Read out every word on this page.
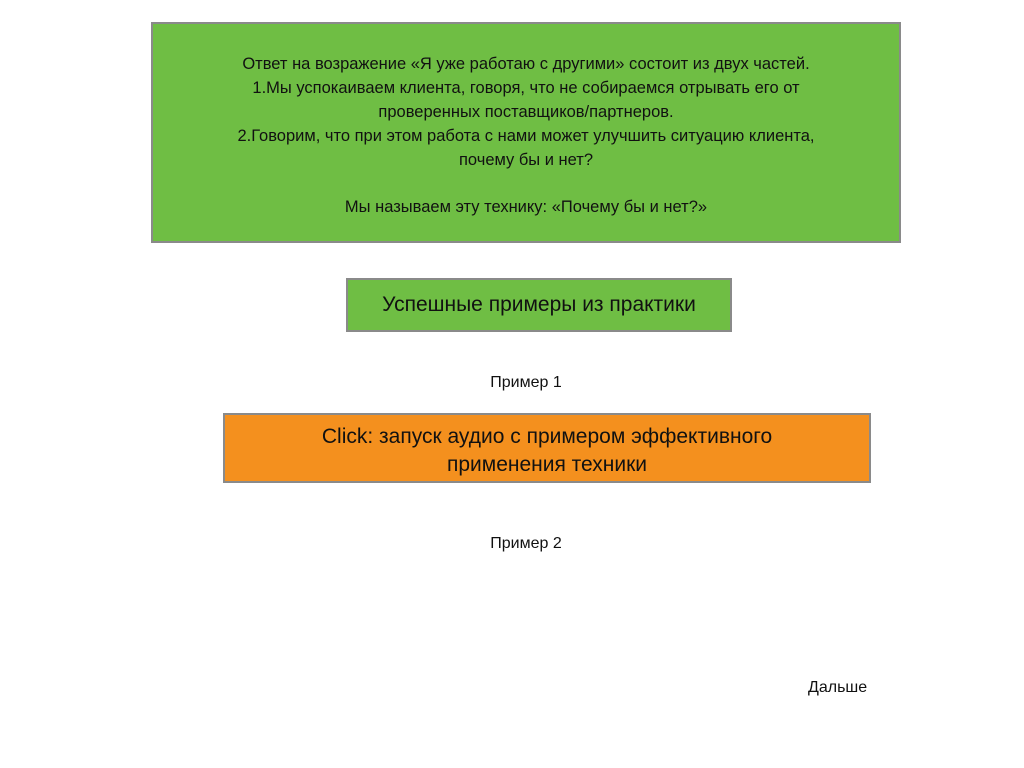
Ответ на возражение «Я уже работаю с другими» состоит из двух частей.
1.Мы успокаиваем клиента, говоря, что не собираемся отрывать его от
проверенных поставщиков/партнеров.
2.Говорим, что при этом работа с нами может улучшить ситуацию клиента,
почему бы и нет?
Мы называем эту технику: «Почему бы и нет?»
Успешные примеры из практики
Пример 1
Click: запуск аудио с примером эффективного
применения техники
Пример 2
Дальше
